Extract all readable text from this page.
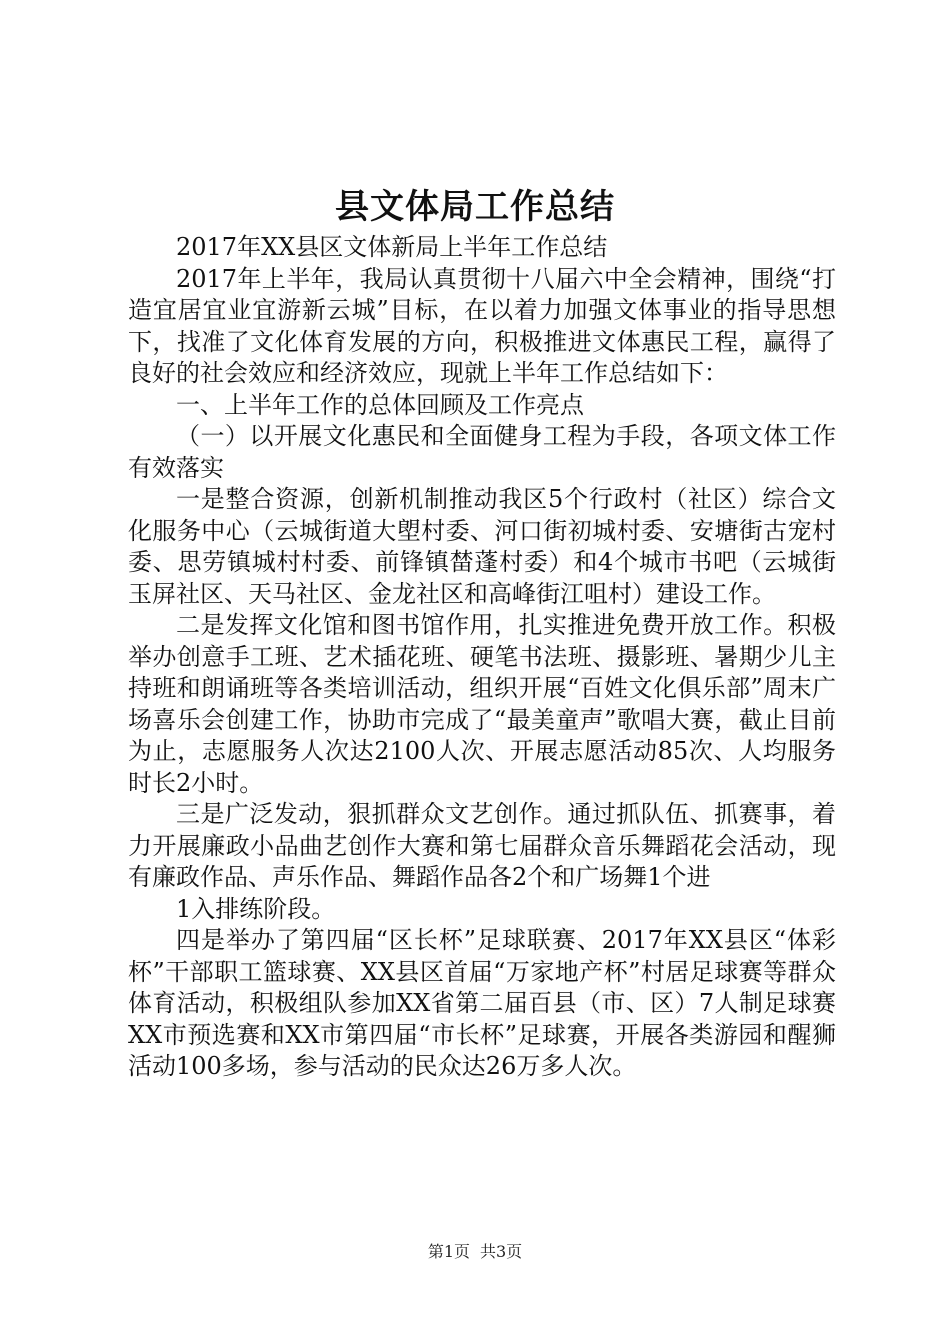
县文体局工作总结

2017年XX县区文体新局上半年工作总结

2017年上半年，我局认真贯彻十八届六中全会精神，围绕“打造宜居宜业宜游新云城”目标，在以着力加强文体事业的指导思想下，找准了文化体育发展的方向，积极推进文体惠民工程，赢得了良好的社会效应和经济效应，现就上半年工作总结如下：

一、上半年工作的总体回顾及工作亮点

（一）以开展文化惠民和全面健身工程为手段，各项文体工作有效落实

一是整合资源，创新机制推动我区5个行政村（社区）综合文化服务中心（云城街道大塱村委、河口街初城村委、安塘街古宠村委、思劳镇城村村委、前锋镇榃蓬村委）和4个城市书吧（云城街玉屏社区、天马社区、金龙社区和高峰街江咀村）建设工作。

二是发挥文化馆和图书馆作用，扎实推进免费开放工作。积极举办创意手工班、艺术插花班、硬笔书法班、摄影班、暑期少儿主持班和朗诵班等各类培训活动，组织开展“百姓文化俱乐部”周末广场喜乐会创建工作，协助市完成了“最美童声”歌唱大赛，截止目前为止，志愿服务人次达2100人次、开展志愿活动85次、人均服务时长2小时。

三是广泛发动，狠抓群众文艺创作。通过抓队伍、抓赛事，着力开展廉政小品曲艺创作大赛和第七届群众音乐舞蹈花会活动，现有廉政作品、声乐作品、舞蹈作品各2个和广场舞1个进

1入排练阶段。

四是举办了第四届“区长杯”足球联赛、2017年XX县区“体彩杯”干部职工篮球赛、XX县区首届“万家地产杯”村居足球赛等群众体育活动，积极组队参加XX省第二届百县（市、区）7人制足球赛XX市预选赛和XX市第四届“市长杯”足球赛，开展各类游园和醒狮活动100多场，参与活动的民众达26万多人次。

第1页 共3页
